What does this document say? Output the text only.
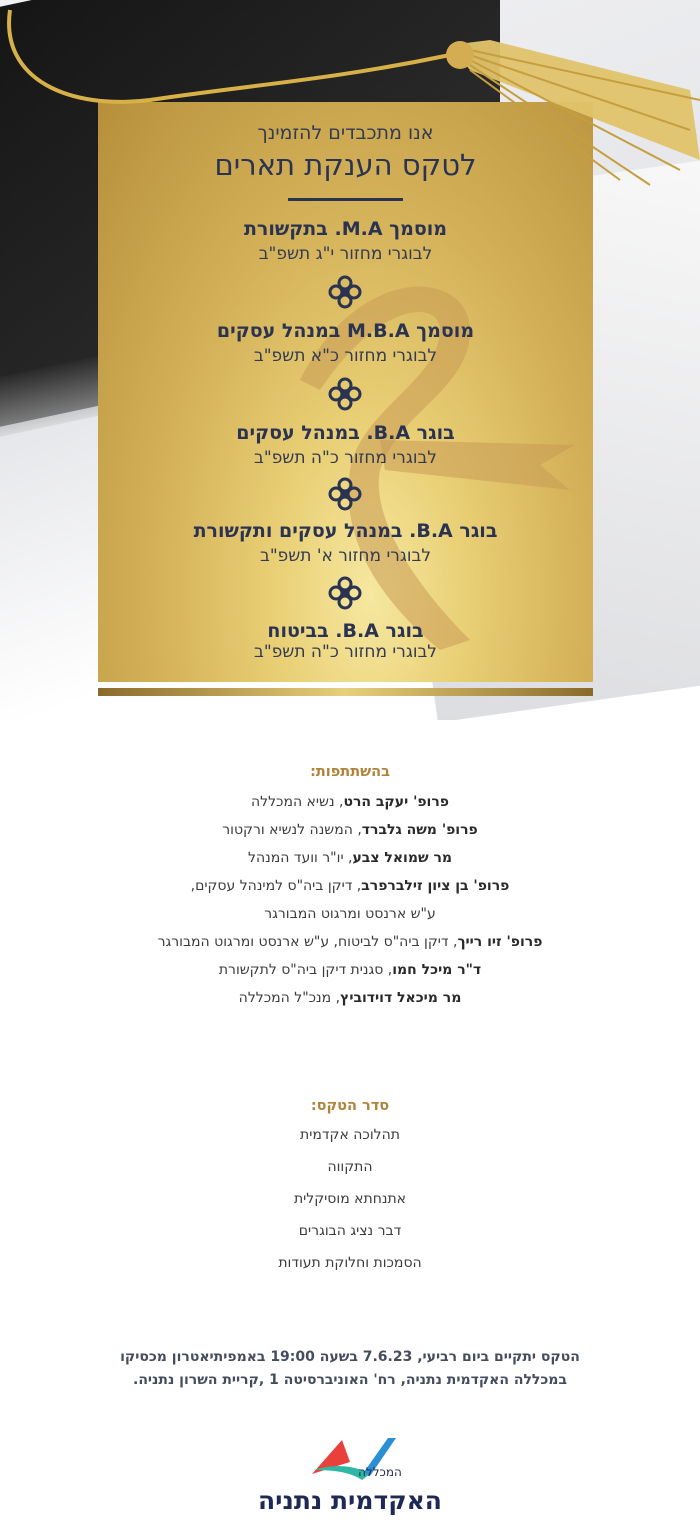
אנו מתכבדים להזמינך
לטקס הענקת תארים
מוסמך M.A. בתקשורת
לבוגרי מחזור י"ג תשפ"ב
מוסמך M.B.A במנהל עסקים
לבוגרי מחזור כ"א תשפ"ב
בוגר B.A. במנהל עסקים
לבוגרי מחזור כ"ה תשפ"ב
בוגר B.A. במנהל עסקים ותקשורת
לבוגרי מחזור א' תשפ"ב
בוגר B.A. בביטוח
לבוגרי מחזור כ"ה תשפ"ב
בהשתתפות:
פרופ' יעקב הרט, נשיא המכללה
פרופ' משה גלברד, המשנה לנשיא ורקטור
מר שמואל צבע, יו"ר וועד המנהל
פרופ' בן ציון זילברפרב, דיקן ביה"ס למינהל עסקים,
ע"ש ארנסט ומרגוט המבורגר
פרופ' זיו רייך, דיקן ביה"ס לביטוח, ע"ש ארנסט ומרגוט המבורגר
ד"ר מיכל חמו, סגנית דיקן ביה"ס לתקשורת
מר מיכאל דוידוביץ, מנכ"ל המכללה
סדר הטקס:
תהלוכה אקדמית
התקווה
אתנחתא מוסיקלית
דבר נציג הבוגרים
הסמכות וחלוקת תעודות
הטקס יתקיים ביום רביעי, 7.6.23 בשעה 19:00 באמפיתיאטרון מכסיקו
במכללה האקדמית נתניה, רח' האוניברסיטה 1 ,קריית השרון נתניה.
המכללה
האקדמית נתניה
